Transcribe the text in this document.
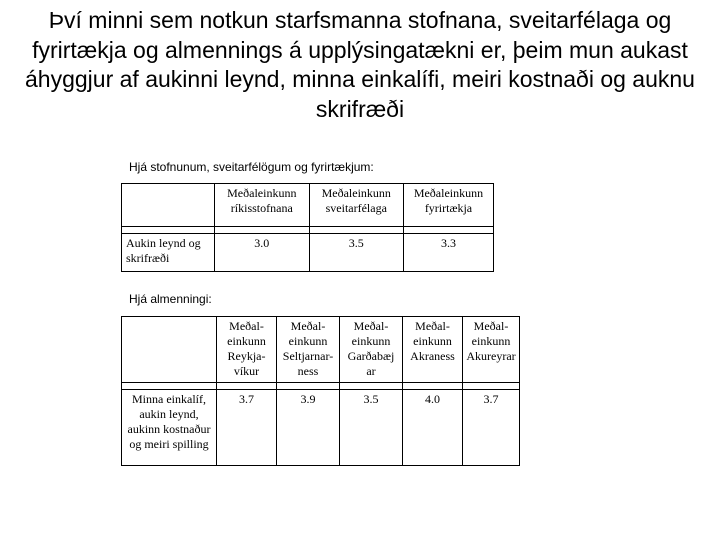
Því minni sem notkun starfsmanna stofnana, sveitarfélaga og fyrirtækja og almennings á upplýsingatækni er, þeim mun aukast áhyggjur af aukinni leynd, minna einkalífi, meiri kostnaði og auknu skrifræði
Hjá stofnunum, sveitarfélögum og fyrirtækjum:
	Meðaleinkunn ríkisstofnana	Meðaleinkunn sveitarfélaga	Meðaleinkunn fyrirtækja

Aukin leynd og skrifræði	3.0	3.5	3.3
Hjá almenningi:
	Meðal-einkunn Reykja-víkur	Meðal-einkunn Seltjarnar-ness	Meðal-einkunn Garðabæj ar	Meðal-einkunn Akraness	Meðal-einkunn Akureyrar

Minna einkalíf, aukin leynd, aukinn kostnaður og meiri spilling	3.7	3.9	3.5	4.0	3.7
